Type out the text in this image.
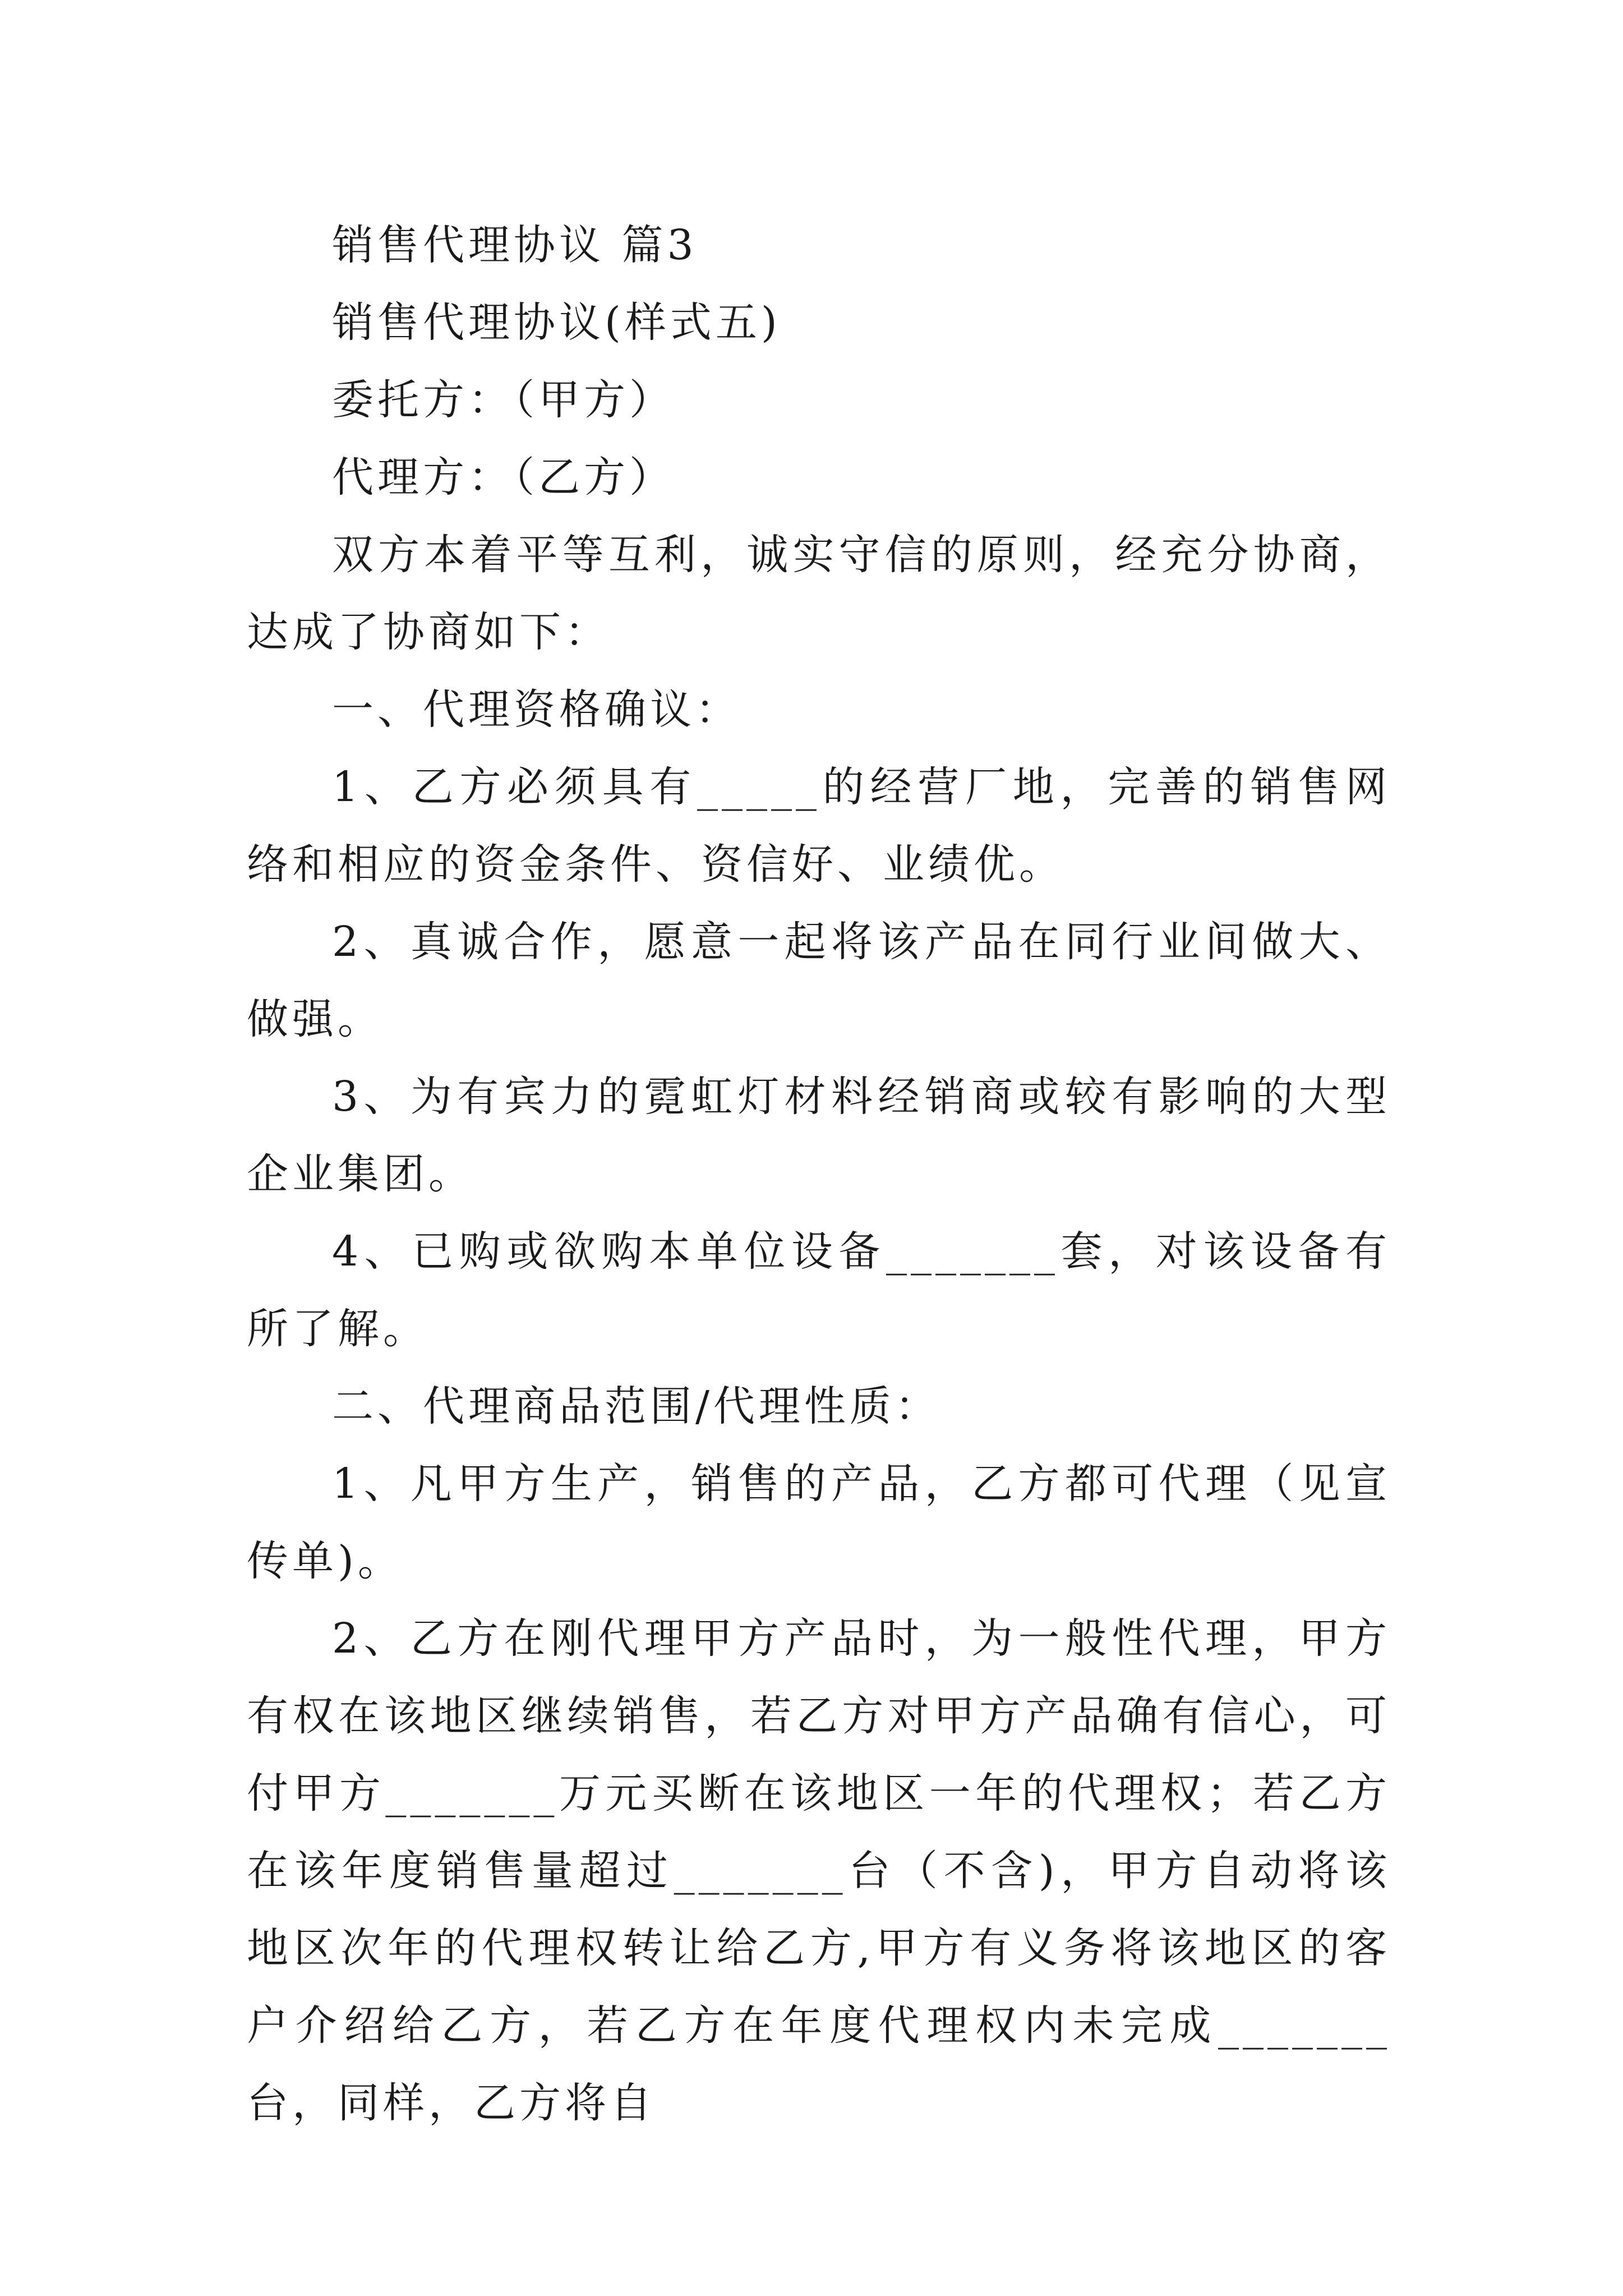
销售代理协议 篇3

销售代理协议(样式五)

委托方：（甲方）

代理方：（乙方）

双方本着平等互利，诚实守信的原则，经充分协商，达成了协商如下：

一、代理资格确议：

1、乙方必须具有_____的经营厂地，完善的销售网络和相应的资金条件、资信好、业绩优。

2、真诚合作，愿意一起将该产品在同行业间做大、做强。

3、为有宾力的霓虹灯材料经销商或较有影响的大型企业集团。

4、已购或欲购本单位设备_______套，对该设备有所了解。

二、代理商品范围/代理性质：

1、凡甲方生产，销售的产品，乙方都可代理（见宣传单)。

2、乙方在刚代理甲方产品时，为一般性代理，甲方有权在该地区继续销售，若乙方对甲方产品确有信心，可付甲方_______万元买断在该地区一年的代理权；若乙方在该年度销售量超过_______台（不含)，甲方自动将该地区次年的代理权转让给乙方,甲方有义务将该地区的客户介绍给乙方，若乙方在年度代理权内未完成_______台，同样，乙方将自
